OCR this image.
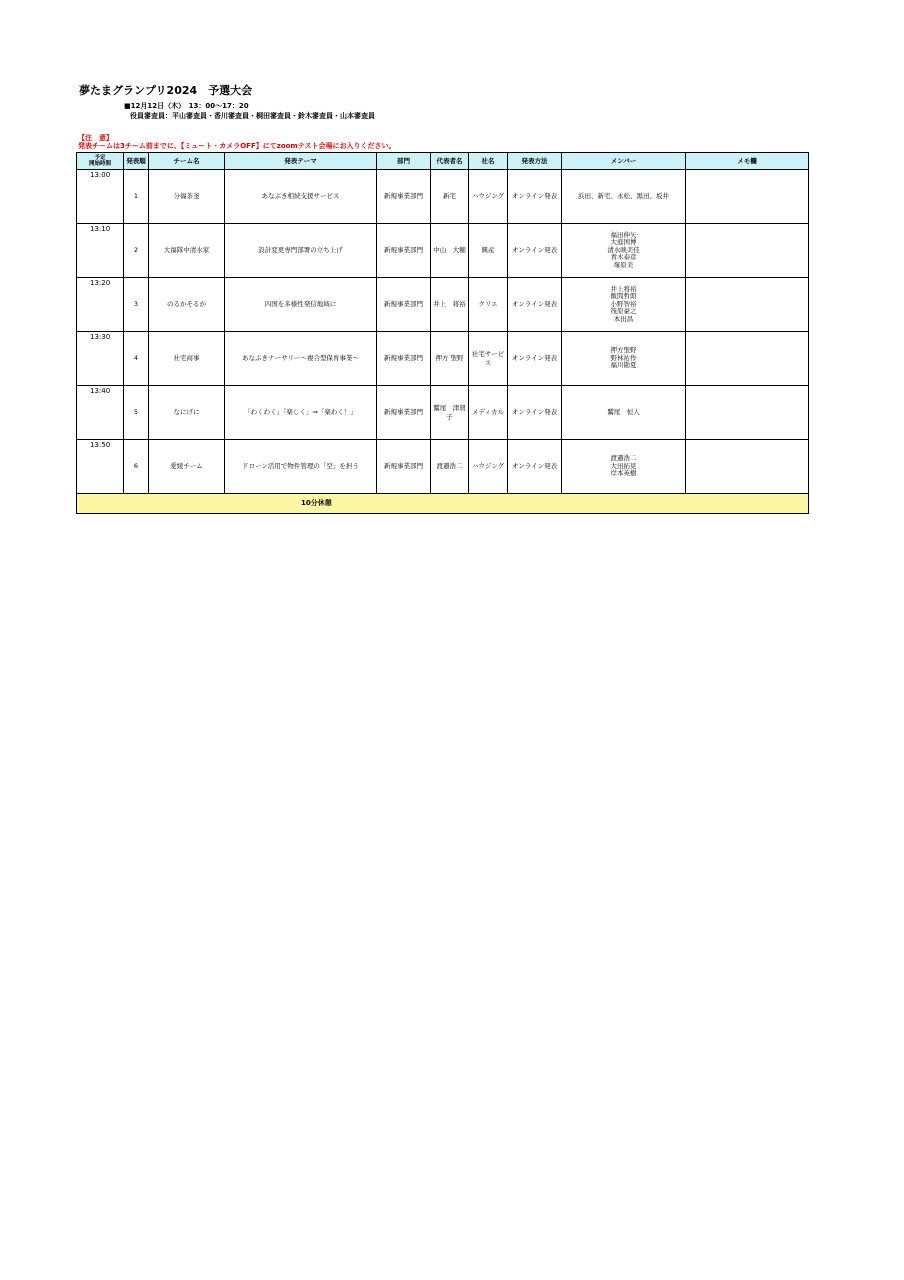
夢たまグランプリ2024　予選大会
■12月12日（木）　13：00～17：20
役員審査員：平山審査員・香川審査員・桐田審査員・鈴木審査員・山本審査員
【注　意】
発表チームは3チーム前までに、【ミュート・カメラOFF】にてzoomテスト会場にお入りください。
予定
開始時間	発表順	チーム名	発表テーマ	部門	代表者名	社名	発表方法	メンバー	メモ欄
13:00	1	分福茶釜	あなぶき相続支援サービス	新規事業部門	新宅	ハウジング	オンライン発表	浜田、新宅、永松、黒田、坂井	

13:10	2	大福隊中清水家	設計変更専門部署の立ち上げ	新規事業部門	中山　大輔	興産	オンライン発表	福田伸矢
大庭国博
清水映美佳
青木泰彦
塚原美	

13:20	3	のるかそるか	四国を多様性発信地域に	新規事業部門	井上　将裕	クリエ	オンライン発表	井上将裕
飯間哲朗
小野智裕
筏原豪之
本田昌	

13:30	4	社宅商事	あなぶきナーサリー～複合型保育事業～	新規事業部門	押方 聖野	社宅サービス	オンライン発表	押方聖野
野林祐作
福川勘夏	

13:40	5	なにげに	「わくわく」「楽しく」⇒「楽わく！」	新規事業部門	鷲尾　津賀子	メディカル	オンライン発表	鷲尾　恒人	

13:50	6	愛媛チーム	ドローン活用で物件管理の「空」を担う	新規事業部門	渡邉浩二	ハウジング	オンライン発表	渡邉浩二
大田拓見
岸本英樹	

10分休憩									
